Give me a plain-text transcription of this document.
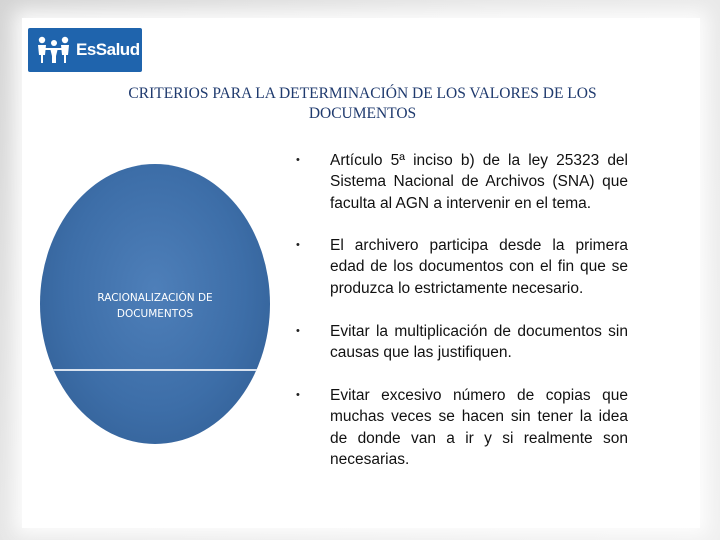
EsSalud
CRITERIOS PARA LA DETERMINACIÓN DE LOS VALORES DE LOS
DOCUMENTOS
RACIONALIZACIÓN DE
DOCUMENTOS
•	Artículo 5ª inciso b) de la ley 25323 del Sistema Nacional de Archivos (SNA) que faculta al AGN a intervenir en el tema.
•	El archivero participa desde la primera edad de los documentos con el fin que se produzca lo estrictamente necesario.
•	Evitar la multiplicación de documentos sin causas que las justifiquen.
•	Evitar excesivo número de copias que muchas veces se hacen sin tener la idea de donde van a ir y si realmente son necesarias.
